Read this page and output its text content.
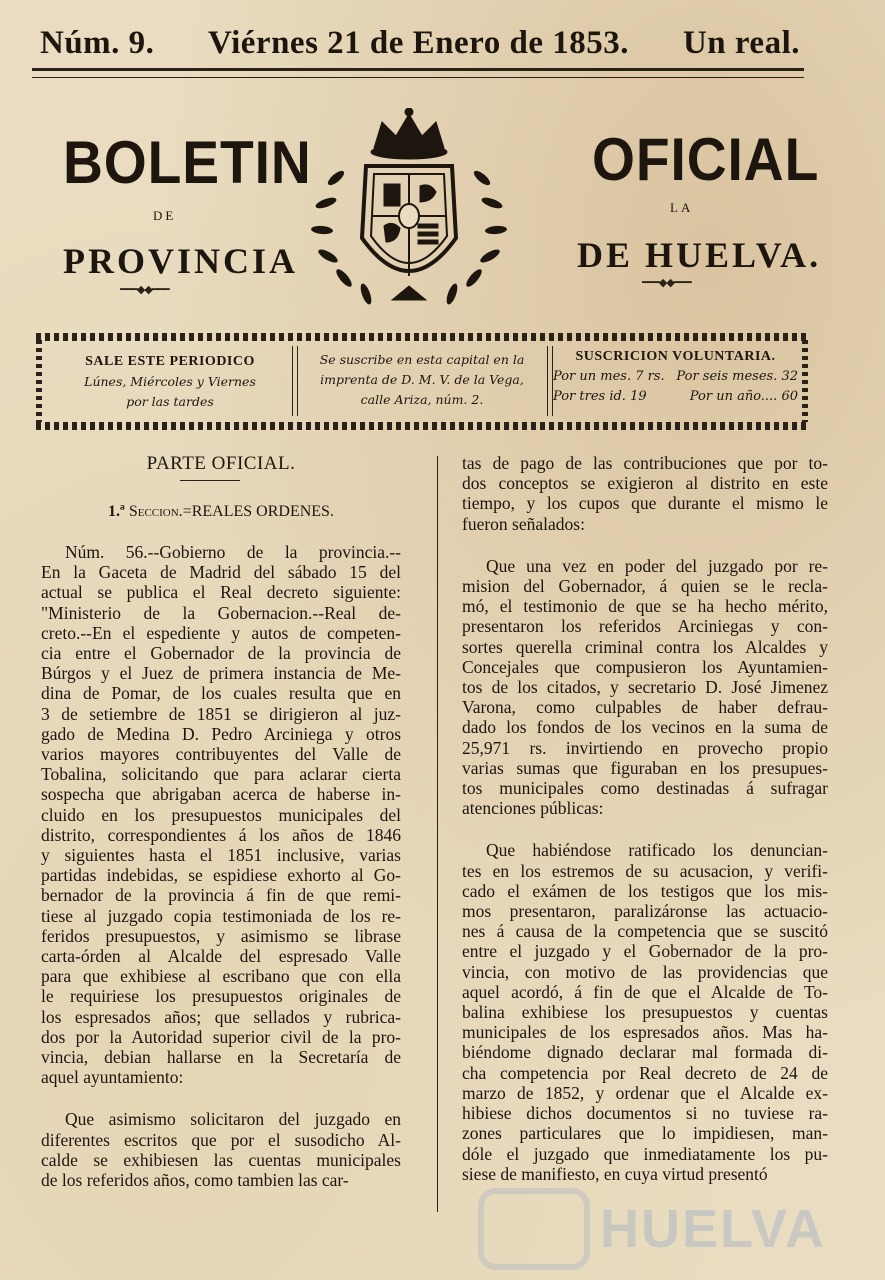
Núm. 9. Viérnes 21 de Enero de 1853. Un real.
BOLETIN	OFICIAL
DE
LA
PROVINCIA	DE HUELVA.
━━━◆◆━━━
━━━◆◆━━━
SALE ESTE PERIODICO
Lúnes, Miércoles y Viernes
por las tardes
Se suscribe en esta capital en la
imprenta de D. M. V. de la Vega,
calle Ariza, núm. 2.
SUSCRICION VOLUNTARIA.
Por un mes. 7 rs. Por seis meses. 32
Por tres id. 19	Por un año.... 60
PARTE OFICIAL.
1.ª Seccion.=REALES ORDENES.

Núm. 56.--Gobierno de la provincia.--
En la Gaceta de Madrid del sábado 15 del
actual se publica el Real decreto siguiente:
"Ministerio de la Gobernacion.--Real de-
creto.--En el espediente y autos de competen-
cia entre el Gobernador de la provincia de
Búrgos y el Juez de primera instancia de Me-
dina de Pomar, de los cuales resulta que en
3 de setiembre de 1851 se dirigieron al juz-
gado de Medina D. Pedro Arciniega y otros
varios mayores contribuyentes del Valle de
Tobalina, solicitando que para aclarar cierta
sospecha que abrigaban acerca de haberse in-
cluido en los presupuestos municipales del
distrito, correspondientes á los años de 1846
y siguientes hasta el 1851 inclusive, varias
partidas indebidas, se espidiese exhorto al Go-
bernador de la provincia á fin de que remi-
tiese al juzgado copia testimoniada de los re-
feridos presupuestos, y asimismo se librase
carta-órden al Alcalde del espresado Valle
para que exhibiese al escribano que con ella
le requiriese los presupuestos originales de
los espresados años; que sellados y rubrica-
dos por la Autoridad superior civil de la pro-
vincia, debian hallarse en la Secretaría de
aquel ayuntamiento:

Que asimismo solicitaron del juzgado en
diferentes escritos que por el susodicho Al-
calde se exhibiesen las cuentas municipales
de los referidos años, como tambien las car-

tas de pago de las contribuciones que por to-
dos conceptos se exigieron al distrito en este
tiempo, y los cupos que durante el mismo le
fueron señalados:

Que una vez en poder del juzgado por re-
mision del Gobernador, á quien se le recla-
mó, el testimonio de que se ha hecho mérito,
presentaron los referidos Arciniegas y con-
sortes querella criminal contra los Alcaldes y
Concejales que compusieron los Ayuntamien-
tos de los citados, y secretario D. José Jimenez
Varona, como culpables de haber defrau-
dado los fondos de los vecinos en la suma de
25,971 rs. invirtiendo en provecho propio
varias sumas que figuraban en los presupues-
tos municipales como destinadas á sufragar
atenciones públicas:

Que habiéndose ratificado los denuncian-
tes en los estremos de su acusacion, y verifi-
cado el exámen de los testigos que los mis-
mos presentaron, paralizáronse las actuacio-
nes á causa de la competencia que se suscitó
entre el juzgado y el Gobernador de la pro-
vincia, con motivo de las providencias que
aquel acordó, á fin de que el Alcalde de To-
balina exhibiese los presupuestos y cuentas
municipales de los espresados años. Mas ha-
biéndome dignado declarar mal formada di-
cha competencia por Real decreto de 24 de
marzo de 1852, y ordenar que el Alcalde ex-
hibiese dichos documentos si no tuviese ra-
zones particulares que lo impidiesen, man-
dóle el juzgado que inmediatamente los pu-
siese de manifiesto, en cuya virtud presentó

HUELVA
